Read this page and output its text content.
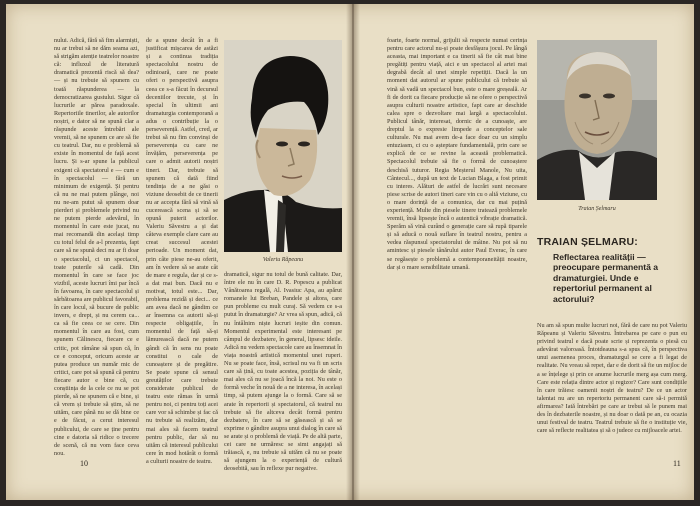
nului. Adică, fără să fim alarmiști, nu ar trebui să ne dăm seama azi, să strigăm atenție teatrelor noastre că: influxul de literatură dramatică prezentă riscă să dea? — și nu trebuie să spunem cu toată răspunderea — la democratizarea gustului. Sigur că lucrurile ar părea paradoxale. Repertoriile tinerilor, ale autorilor noștri, e dator să ne spună clar a răspunde aceste întrebări ale vremii, să ne spunem ce are să fie cu teatrul. Dar, nu e problemă să existe în momentul de față acest lucru. Și s-ar spune la publicul exigent că spectatorul e — cum e în spectacolul — fără un minimum de exigență. Și pentru că nu ne mai putem plânge, noi nu ne-am putut să spunem doar pierderi și problemele privind nu ne putem pierde adevărul, în momentul în care este jucat, nu mai recomandă din același timp cu totul felul de a-l prezenta, fapt care să ne spună deci nu ar fi doar o spectacolul, ci un spectacol, toate puterile să cadă. Din momentul în care se face joc vizibil, aceste lucruri îmi par încă în favoarea, în care spectacolul și sărbătoarea are publicul favorabil, în care locul, să bucure de public invers, e drept, și nu cerem ca... ca să fie ceea ce se cere. Din momentul în care au fost, cum spunem Călinescu, fiecare ce e critic, pot rămâne să spun că, în ce e conceput, oricum aceste ar putea produce un număr mic de critici, care pot să spună că pentru fiecare autor e bine că, cu conștiința de la cele ce nu se pot pierde, să ne spunem că e bine, și că vrem și trebuie să știm, să ne uităm, care până nu se dă bine ce e de făcut, a cerut interesul publicului, de care se ține pentru cine e datoria să ridice o trecere de scenă, că nu vom face ceva nou.

Valeriu Răpeanu

de a spune decât în a fi justificat mișcarea de astăzi și a continua tradiția spectacolului nostru de odinioară, care ne poate oferi o perspectivă asupra ceea ce s-a făcut în decursul deceniilor trecute, și în special în ultimii ani dramaturgia contemporană a adus o contribuție la o perseverență. Astfel, cred, ar trebui să nu fim convinși de perseverența cu care ne învățăm, perseverența pe care o admit autorii noștri tineri. Dar, trebuie să spunem că dată fiind tendința de a ne găsi o viziune deosebit de ce tinerii nu ar accepta fără să vină să cucerească scena și să se opună puterii actorilor. Valeriu Săvestru a și dat câteva exemple clare care au creat succesul acestei perioade. Un moment dat, prin câte piese ne-au oferit, am în vedere să se arate cât de mare e regula, dar și ce s-a dat mai bun. Dacă nu e motivat, totul este... Dar, problema rezidă și deci... ce am avea dacă ne gândim ce ar însemna ca autorii să-și respecte obligațiile, în momentul de față să-și lămurească dacă ne putem gândi că în sens nu poate constitui o cale de cunoaștere și de pregătire. Se poate spune că sensul greutăților care trebuie considerate publicul de teatru este rămas în urmă pentru noi, ci pentru toți acei care vor să schimbe și fac că nu trebuie să realizăm, dar mai ales să facem teatrul pentru public, dar să nu uităm că interesul publicului cere în mod hotărât o formă a culturii noastre de teatru.

dramatică, sigur nu totul de bună calitate. Dar, între ele nu în care D. R. Popescu a publicat Vânătoarea regală, Al. Ivasiuc Apa, au apărut romanele lui Breban, Pandele și altora, care pun probleme cu mult curaj. Să vedem ce s-a putut în dramaturgie? Ar vrea să spun, adică, că nu întâlnim niște lucruri ieșite din comun. Momentul experimental este interesant pe câmpul de dezbatere, în general, lipsesc ideile. Adică nu vedem spectacole care au însemnat în viața noastră artistică momentul unei ruperi. Nu se poate face, însă, scrisul nu va fi un scris care să țină, cu toate acestea, poziția de tânăr, mai ales că nu se joacă încă la noi. Nu este o formă veche în nouă de a ne interesa, în același timp, să putem ajunge la o formă. Care să se arate în repertorii și spectatorul, că teatrul nu trebuie să fie altceva decât formă pentru dezbatere, în care să se găsească și să se exprime o gândire asupra unui dialog în care să se arate și o problemă de viață. Pe de altă parte, cei care ne urmăresc se simt angajați să trăiască, e, nu trebuie să uităm că nu se poate să ajungem la o experiență de cultură deosebită, sau în reflexe pur negative.

10

foarte, foarte normal, grijulii să respecte numai cerința pentru care actorul nu-și poate desfășura jocul. Pe lângă aceasta, mai important e ca tinerii să fie cât mai bine pregătiți pentru viață, aici e un spectacol al artei mai degrabă decât al unei simple repetiții. Dacă la un moment dat autorul ar spune publicului că trebuie să vină să vadă un spectacol bun, este o mare greșeală. Ar fi de dorit ca fiecare producție să ne ofere o perspectivă asupra culturii noastre artistice, fapt care ar deschide calea spre o dezvoltare mai largă a spectacolului. Publicul tânăr, interesat, dornic de a cunoaște, are dreptul la o expresie limpede a conceptelor sale culturale. Nu mai avem de-a face doar cu un simplu entuziasm, ci cu o așteptare fundamentală, prin care se explică de ce se revine la această problematică. Spectacolul trebuie să fie o formă de cunoaștere deschisă tuturor. Regia Meșterul Manole, Nu uita, Cântecul..., după un text de Lucian Blaga, a fost primit cu interes. Alături de astfel de lucrări sunt necesare piese scrise de autori tineri care vin cu o altă viziune, cu o mare dorință de a comunica, dar cu mai puțină experiență. Multe din piesele tinere tratează problemele vremii, însă lipsește încă o autentică vibrație dramatică. Sperăm să vină curând o generație care să rupă tiparele și să aducă o nouă suflare în teatrul nostru, pentru a vedea răspunsul spectatorului de mâine. Nu pot să nu amintesc și piesele tânărului autor Paul Everac, în care se regăsește o problemă a contemporaneității noastre, dar și o mare sensibilitate umană.

Traian Șelmaru
TRAIAN ȘELMARU:
Reflectarea realității — preocupare permanentă a dramaturgiei. Unde e repertoriul permanent al actorului?

Nu am să spun multe lucruri noi, fără de care nu pot Valeriu Răpeanu și Valeriu Săvestru. Întrebarea pe care o pun eu privind teatrul e dacă poate scrie și reprezenta o piesă cu adevărat valoroasă. Întotdeauna s-a spus că, în perspectiva unui asemenea proces, dramaturgul se cere a fi legat de realitate. Nu vreau să repet, dar e de dorit să fie un mijloc de a se înțelege și prin ce anume lucrurile merg așa cum merg. Care este relația dintre actor și regizor? Care sunt condițiile în care trăiesc oamenii noștri de teatru? De ce un actor talentat nu are un repertoriu permanent care să-i permită afirmarea? Iată întrebări pe care ar trebui să le punem mai des în dezbaterile noastre, și nu doar o dată pe an, cu ocazia unui festival de teatru. Teatrul trebuie să fie o instituție vie, care să reflecte realitatea și să o judece cu mijloacele artei.

11
